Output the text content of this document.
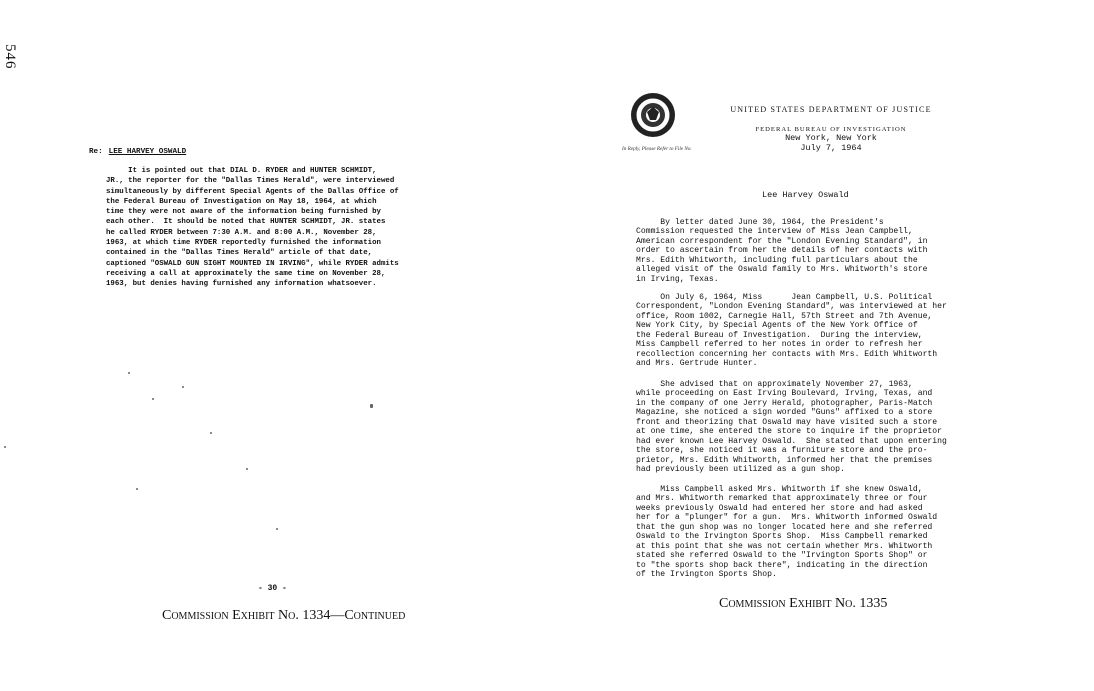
546
Re: LEE HARVEY OSWALD
It is pointed out that DIAL D. RYDER and HUNTER SCHMIDT,
JR., the reporter for the "Dallas Times Herald", were interviewed
simultaneously by different Special Agents of the Dallas Office of
the Federal Bureau of Investigation on May 18, 1964, at which
time they were not aware of the information being furnished by
each other.  It should be noted that HUNTER SCHMIDT, JR. states
he called RYDER between 7:30 A.M. and 8:00 A.M., November 28,
1963, at which time RYDER reportedly furnished the information
contained in the "Dallas Times Herald" article of that date,
captioned "OSWALD GUN SIGHT MOUNTED IN IRVING", while RYDER admits
receiving a call at approximately the same time on November 28,
1963, but denies having furnished any information whatsoever.
- 30 -
Commission Exhibit No. 1334—Continued
In Reply, Please Refer to File No.
UNITED STATES DEPARTMENT OF JUSTICE
FEDERAL BUREAU OF INVESTIGATION
New York, New York
July 7, 1964
Lee Harvey Oswald
By letter dated June 30, 1964, the President's
Commission requested the interview of Miss Jean Campbell,
American correspondent for the "London Evening Standard", in
order to ascertain from her the details of her contacts with
Mrs. Edith Whitworth, including full particulars about the
alleged visit of the Oswald family to Mrs. Whitworth's store
in Irving, Texas.
On July 6, 1964, Miss      Jean Campbell, U.S. Political
Correspondent, "London Evening Standard", was interviewed at her
office, Room 1002, Carnegie Hall, 57th Street and 7th Avenue,
New York City, by Special Agents of the New York Office of
the Federal Bureau of Investigation.  During the interview,
Miss Campbell referred to her notes in order to refresh her
recollection concerning her contacts with Mrs. Edith Whitworth
and Mrs. Gertrude Hunter.
She advised that on approximately November 27, 1963,
while proceeding on East Irving Boulevard, Irving, Texas, and
in the company of one Jerry Herald, photographer, Paris-Match
Magazine, she noticed a sign worded "Guns" affixed to a store
front and theorizing that Oswald may have visited such a store
at one time, she entered the store to inquire if the proprietor
had ever known Lee Harvey Oswald.  She stated that upon entering
the store, she noticed it was a furniture store and the pro-
prietor, Mrs. Edith Whitworth, informed her that the premises
had previously been utilized as a gun shop.
Miss Campbell asked Mrs. Whitworth if she knew Oswald,
and Mrs. Whitworth remarked that approximately three or four
weeks previously Oswald had entered her store and had asked
her for a "plunger" for a gun.  Mrs. Whitworth informed Oswald
that the gun shop was no longer located here and she referred
Oswald to the Irvington Sports Shop.  Miss Campbell remarked
at this point that she was not certain whether Mrs. Whitworth
stated she referred Oswald to the "Irvington Sports Shop" or
to "the sports shop back there", indicating in the direction
of the Irvington Sports Shop.
Commission Exhibit No. 1335
